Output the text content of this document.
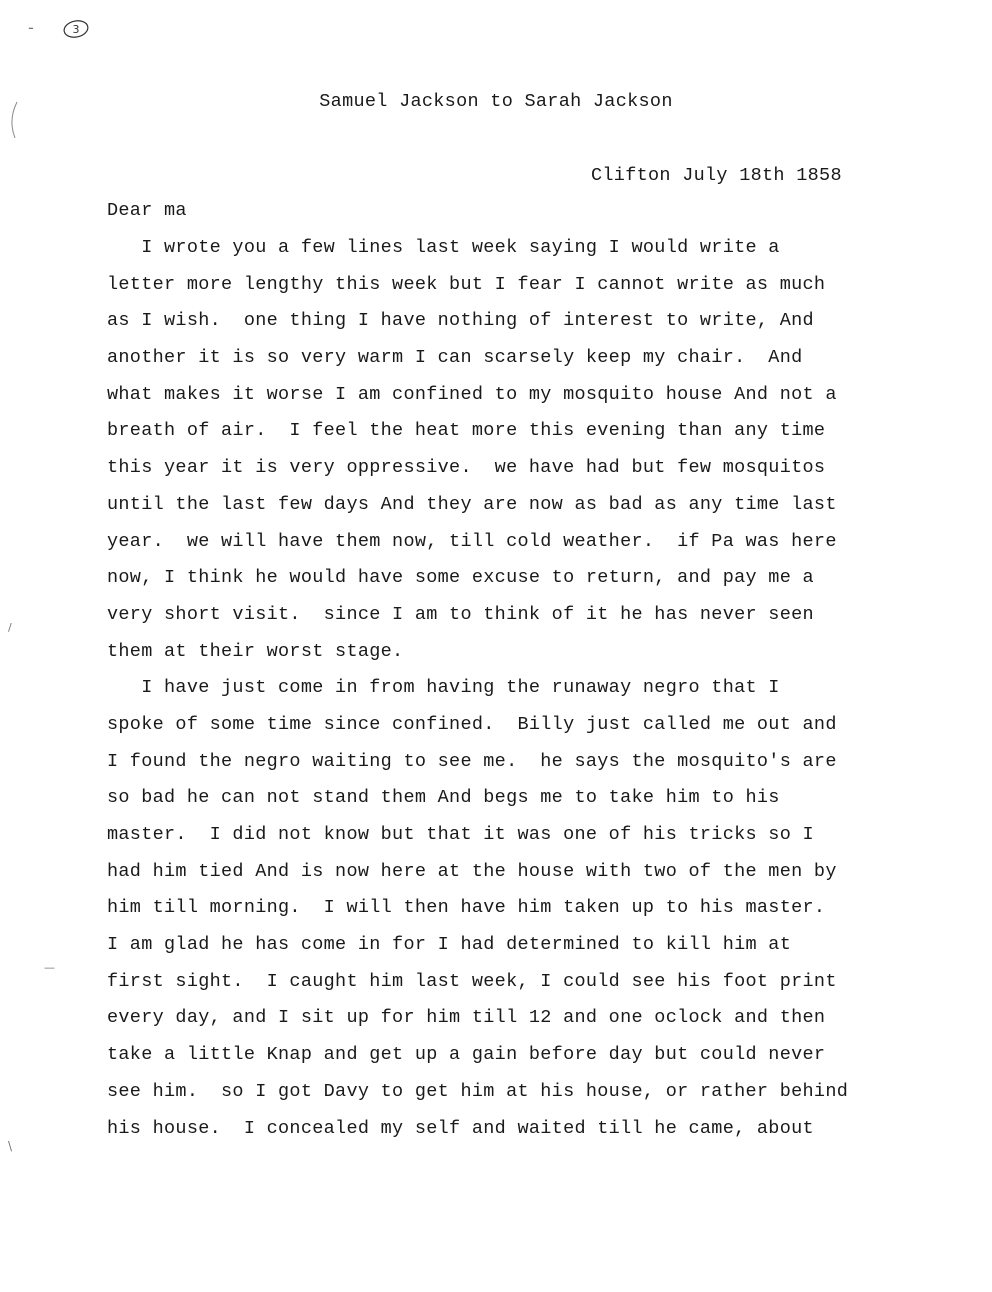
3
‐
/
—
\
Samuel Jackson to Sarah Jackson
Clifton July 18th 1858
Dear ma
I wrote you a few lines last week saying I would write a
letter more lengthy this week but I fear I cannot write as much
as I wish.  one thing I have nothing of interest to write, And
another it is so very warm I can scarsely keep my chair.  And
what makes it worse I am confined to my mosquito house And not a
breath of air.  I feel the heat more this evening than any time
this year it is very oppressive.  we have had but few mosquitos
until the last few days And they are now as bad as any time last
year.  we will have them now, till cold weather.  if Pa was here
now, I think he would have some excuse to return, and pay me a
very short visit.  since I am to think of it he has never seen
them at their worst stage.
I have just come in from having the runaway negro that I
spoke of some time since confined.  Billy just called me out and
I found the negro waiting to see me.  he says the mosquito's are
so bad he can not stand them And begs me to take him to his
master.  I did not know but that it was one of his tricks so I
had him tied And is now here at the house with two of the men by
him till morning.  I will then have him taken up to his master.
I am glad he has come in for I had determined to kill him at
first sight.  I caught him last week, I could see his foot print
every day, and I sit up for him till 12 and one oclock and then
take a little Knap and get up a gain before day but could never
see him.  so I got Davy to get him at his house, or rather behind
his house.  I concealed my self and waited till he came, about
